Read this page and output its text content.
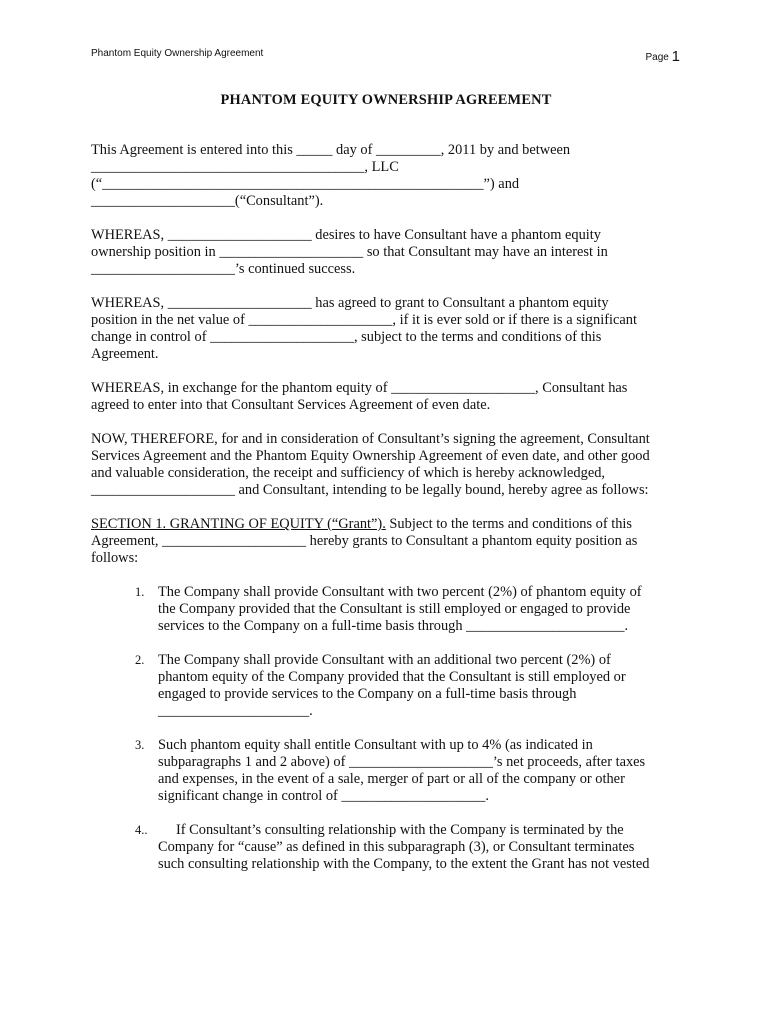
Phantom Equity Ownership Agreement	Page 1

PHANTOM EQUITY OWNERSHIP AGREEMENT

This Agreement is entered into this _____ day of _________, 2011 by and between

______________________________________, LLC

(“_____________________________________________________”) and

____________________(“Consultant”).

WHEREAS, ____________________ desires to have Consultant have a phantom equity

ownership position in ____________________ so that Consultant may have an interest in

____________________’s continued success.

WHEREAS, ____________________ has agreed to grant to Consultant a phantom equity

position in the net value of ____________________, if it is ever sold or if there is a significant

change in control of ____________________, subject to the terms and conditions of this

Agreement.

WHEREAS, in exchange for the phantom equity of ____________________, Consultant has

agreed to enter into that Consultant Services Agreement of even date.

NOW, THEREFORE, for and in consideration of Consultant’s signing the agreement, Consultant

Services Agreement and the Phantom Equity Ownership Agreement of even date, and other good

and valuable consideration, the receipt and sufficiency of which is hereby acknowledged,

____________________ and Consultant, intending to be legally bound, hereby agree as follows:

SECTION 1. GRANTING OF EQUITY (“Grant”). Subject to the terms and conditions of this

Agreement, ____________________ hereby grants to Consultant a phantom equity position as

follows:

1. The Company shall provide Consultant with two percent (2%) of phantom equity of

the Company provided that the Consultant is still employed or engaged to provide

services to the Company on a full-time basis through ______________________.

2. The Company shall provide Consultant with an additional two percent (2%) of

phantom equity of the Company provided that the Consultant is still employed or

engaged to provide services to the Company on a full-time basis through

_____________________.

3. Such phantom equity shall entitle Consultant with up to 4% (as indicated in

subparagraphs 1 and 2 above) of ____________________’s net proceeds, after taxes

and expenses, in the event of a sale, merger of part or all of the company or other

significant change in control of ____________________.

4..	If Consultant’s consulting relationship with the Company is terminated by the

Company for “cause” as defined in this subparagraph (3), or Consultant terminates

such consulting relationship with the Company, to the extent the Grant has not vested
